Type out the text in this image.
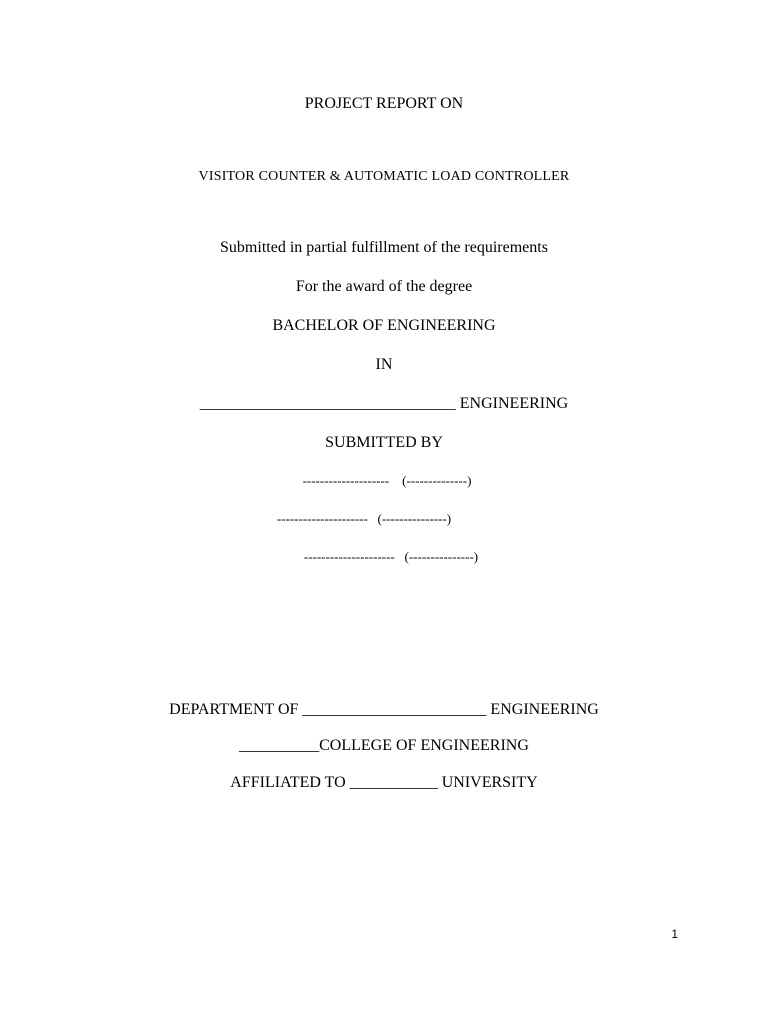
PROJECT REPORT ON
VISITOR COUNTER & AUTOMATIC LOAD CONTROLLER
Submitted in partial fulfillment of the requirements
For the award of the degree
BACHELOR OF ENGINEERING
IN
________________________________ ENGINEERING
SUBMITTED BY
--------------------    (--------------)
---------------------   (---------------)
---------------------   (---------------)
DEPARTMENT OF _______________________ ENGINEERING
__________COLLEGE OF ENGINEERING
AFFILIATED TO ___________ UNIVERSITY
1
